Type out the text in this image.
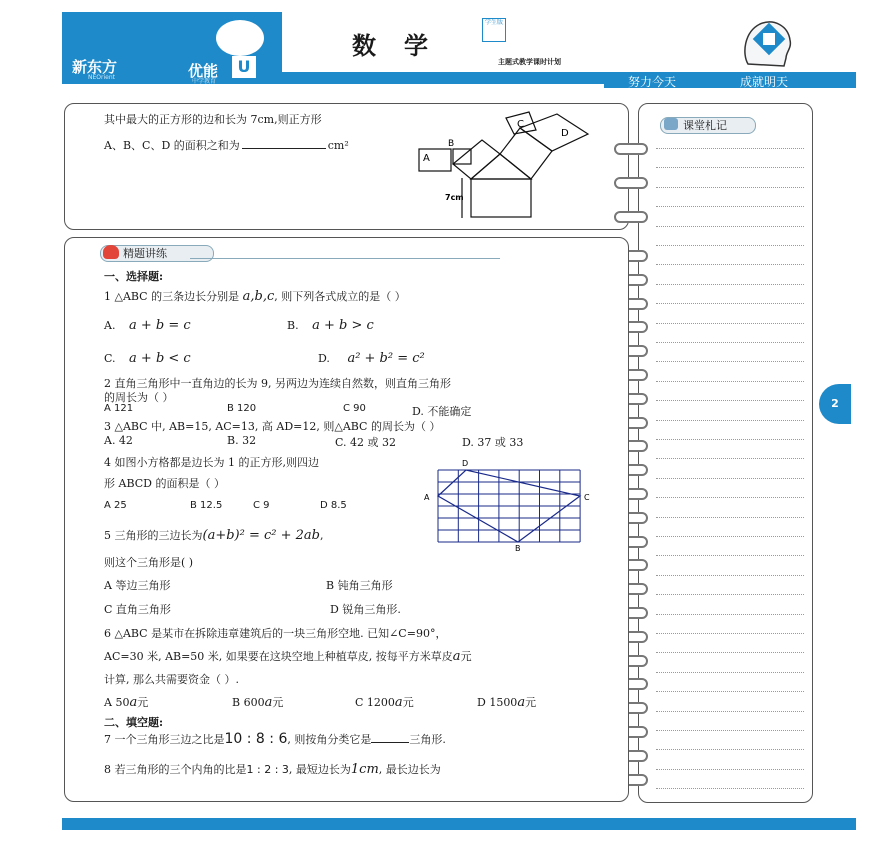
新东方
NEOrient	优能	U
中学教育
数学
学生版
主题式教学课时计划
努力今天	成就明天
其中最大的正方形的边和长为 7cm,则正方形
A、B、C、D 的面积之和为	cm²
A
B
C
D
7cm
课堂札记
精题讲练
一、选择题:
1 △ABC 的三条边长分别是 a,b,c, 则下列各式成立的是（ ）
A. a + b = c	B. a + b > c
C. a + b < c	D. a² + b² = c²
2 直角三角形中一直角边的长为 9, 另两边为连续自然数，则直角三角形
的周长为（ ）
A 121	B 120	C 90	D. 不能确定
3 △ABC 中, AB=15, AC=13, 高 AD=12, 则△ABC 的周长为（ ）
A. 42	B. 32	C. 42 或 32	D. 37 或 33
4 如图小方格都是边长为 1 的正方形,则四边
形 ABCD 的面积是（ ）
A 25	B 12.5	C 9	D 8.5
D
A	C
B
5 三角形的三边长为(a+b)² = c² + 2ab,
则这个三角形是( )
A 等边三角形	B 钝角三角形
C 直角三角形	D 锐角三角形.
6 △ABC 是某市在拆除违章建筑后的一块三角形空地. 已知∠C=90°，
AC=30 米, AB=50 米, 如果要在这块空地上种植草皮, 按每平方米草皮a元
计算, 那么共需要资金（ ）.
A 50a元	B 600a元	C 1200a元	D 1500a元
二、填空题:
7 一个三角形三边之比是10 : 8 : 6, 则按角分类它是	三角形.
8 若三角形的三个内角的比是1 : 2 : 3, 最短边长为1cm, 最长边长为
2
